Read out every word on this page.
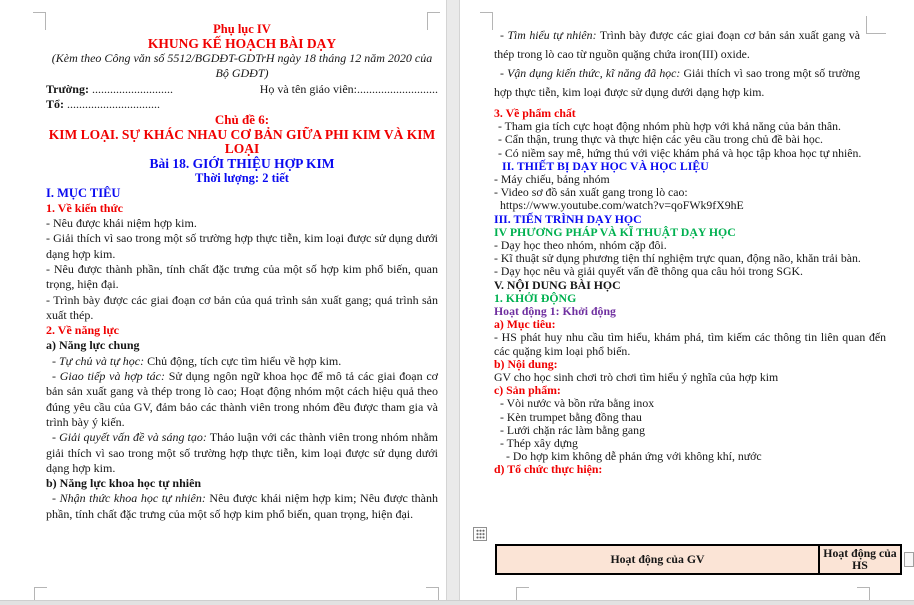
Phụ lục IV
KHUNG KẾ HOẠCH BÀI DẠY
(Kèm theo Công văn số 5512/BGDĐT-GDTrH ngày 18 tháng 12 năm 2020 của Bộ GDĐT)
Trường: ...........................	Họ và tên giáo viên:...........................
Tổ: ...............................
Chủ đề 6:
KIM LOẠI. SỰ KHÁC NHAU CƠ BẢN GIỮA PHI KIM VÀ KIM LOẠI
Bài 18. GIỚI THIỆU HỢP KIM
Thời lượng: 2 tiết
I. MỤC TIÊU
1. Về kiến thức
- Nêu được khái niệm hợp kim.
- Giải thích vì sao trong một số trường hợp thực tiễn, kim loại được sử dụng dưới dạng hợp kim.
- Nêu được thành phần, tính chất đặc trưng của một số hợp kim phổ biến, quan trọng, hiện đại.
- Trình bày được các giai đoạn cơ bản của quá trình sản xuất gang; quá trình sản xuất thép.
2. Về năng lực
a) Năng lực chung
- Tự chủ và tự học: Chủ động, tích cực tìm hiểu về hợp kim.
- Giao tiếp và hợp tác: Sử dụng ngôn ngữ khoa học để mô tả các giai đoạn cơ bản sản xuất gang và thép trong lò cao; Hoạt động nhóm một cách hiệu quả theo đúng yêu cầu của GV, đảm bảo các thành viên trong nhóm đều được tham gia và trình bày ý kiến.
- Giải quyết vấn đề và sáng tạo: Thảo luận với các thành viên trong nhóm nhằm giải thích vì sao trong một số trường hợp thực tiễn, kim loại được sử dụng dưới dạng hợp kim.
b) Năng lực khoa học tự nhiên
- Nhận thức khoa học tự nhiên: Nêu được khái niệm hợp kim; Nêu được thành phần, tính chất đặc trưng của một số hợp kim phổ biến, quan trọng, hiện đại.
- Tìm hiểu tự nhiên: Trình bày được các giai đoạn cơ bản sản xuất gang và thép trong lò cao từ nguồn quặng chứa iron(III) oxide.
- Vận dụng kiến thức, kĩ năng đã học: Giải thích vì sao trong một số trường hợp thực tiễn, kim loại được sử dụng dưới dạng hợp kim.
3. Về phẩm chất
- Tham gia tích cực hoạt động nhóm phù hợp với khả năng của bản thân.
- Cẩn thận, trung thực và thực hiện các yêu cầu trong chủ đề bài học.
- Có niềm say mê, hứng thú với việc khám phá và học tập khoa học tự nhiên.
II. THIẾT BỊ DẠY HỌC VÀ HỌC LIỆU
- Máy chiếu, bảng nhóm
- Video sơ đồ sản xuất gang trong lò cao:
https://www.youtube.com/watch?v=qoFWk9fX9hE
III. TIẾN TRÌNH DẠY HỌC
IV PHƯƠNG PHÁP VÀ KĨ THUẬT DẠY HỌC
- Dạy học theo nhóm, nhóm cặp đôi.
- Kĩ thuật sử dụng phương tiện thí nghiệm trực quan, động não, khăn trải bàn.
- Dạy học nêu và giải quyết vấn đề thông qua câu hỏi trong SGK.
V. NỘI DUNG BÀI HỌC
1. KHỞI ĐỘNG
Hoạt động 1: Khởi động
a) Mục tiêu:
- HS phát huy nhu cầu tìm hiểu, khám phá, tìm kiếm các thông tin liên quan đến các quặng kim loại phổ biến.
b) Nội dung:
GV cho học sinh chơi trò chơi tìm hiểu ý nghĩa của hợp kim
c) Sản phẩm:
- Vòi nước và bồn rửa bằng inox
- Kèn trumpet bằng đồng thau
- Lưới chặn rác làm bằng gang
- Thép xây dựng
- Do hợp kim không dễ phản ứng với không khí, nước
d) Tổ chức thực hiện:
Hoạt động của GV	Hoạt động của HS
